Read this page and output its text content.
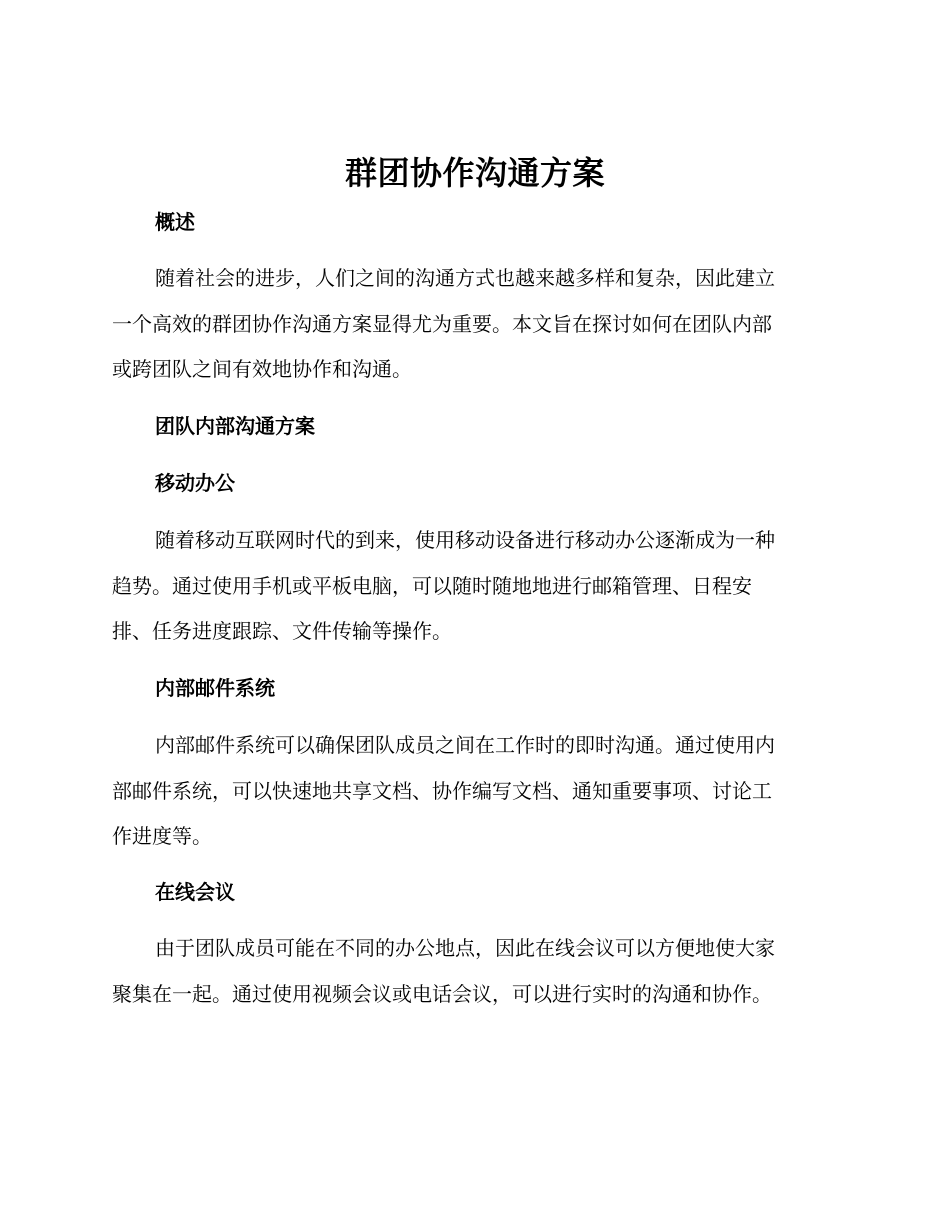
群团协作沟通方案
概述
随着社会的进步，人们之间的沟通方式也越来越多样和复杂，因此建立
一个高效的群团协作沟通方案显得尤为重要。本文旨在探讨如何在团队内部
或跨团队之间有效地协作和沟通。
团队内部沟通方案
移动办公
随着移动互联网时代的到来，使用移动设备进行移动办公逐渐成为一种
趋势。通过使用手机或平板电脑，可以随时随地地进行邮箱管理、日程安
排、任务进度跟踪、文件传输等操作。
内部邮件系统
内部邮件系统可以确保团队成员之间在工作时的即时沟通。通过使用内
部邮件系统，可以快速地共享文档、协作编写文档、通知重要事项、讨论工
作进度等。
在线会议
由于团队成员可能在不同的办公地点，因此在线会议可以方便地使大家
聚集在一起。通过使用视频会议或电话会议，可以进行实时的沟通和协作。
